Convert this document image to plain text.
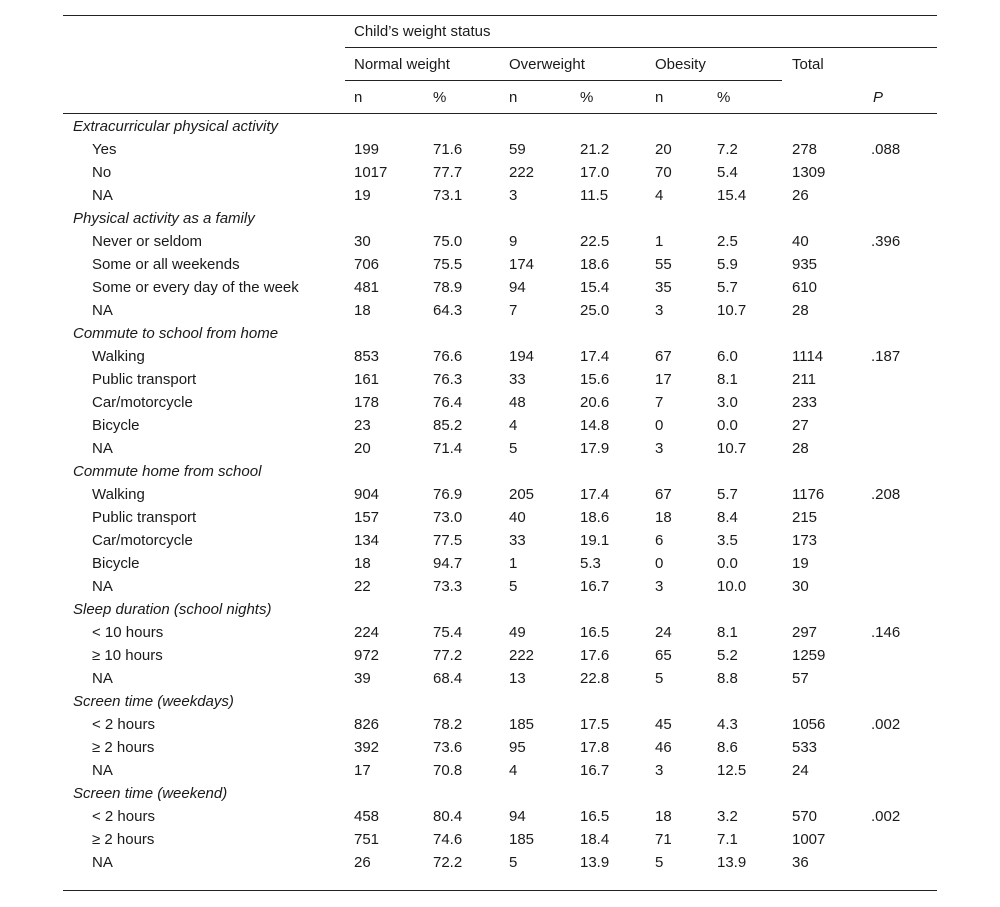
Child’s weight status
Normal weight	Overweight	Obesity	Total
n	%	n	%	n	%	P
Extracurricular physical activity
Yes	199	71.6	59	21.2	20	7.2	278	.088
No	1017	77.7	222	17.0	70	5.4	1309
NA	19	73.1	3	11.5	4	15.4	26
Physical activity as a family
Never or seldom	30	75.0	9	22.5	1	2.5	40	.396
Some or all weekends	706	75.5	174	18.6	55	5.9	935
Some or every day of the week	481	78.9	94	15.4	35	5.7	610
NA	18	64.3	7	25.0	3	10.7	28
Commute to school from home
Walking	853	76.6	194	17.4	67	6.0	1114	.187
Public transport	161	76.3	33	15.6	17	8.1	211
Car/motorcycle	178	76.4	48	20.6	7	3.0	233
Bicycle	23	85.2	4	14.8	0	0.0	27
NA	20	71.4	5	17.9	3	10.7	28
Commute home from school
Walking	904	76.9	205	17.4	67	5.7	1176	.208
Public transport	157	73.0	40	18.6	18	8.4	215
Car/motorcycle	134	77.5	33	19.1	6	3.5	173
Bicycle	18	94.7	1	5.3	0	0.0	19
NA	22	73.3	5	16.7	3	10.0	30
Sleep duration (school nights)
< 10 hours	224	75.4	49	16.5	24	8.1	297	.146
≥ 10 hours	972	77.2	222	17.6	65	5.2	1259
NA	39	68.4	13	22.8	5	8.8	57
Screen time (weekdays)
< 2 hours	826	78.2	185	17.5	45	4.3	1056	.002
≥ 2 hours	392	73.6	95	17.8	46	8.6	533
NA	17	70.8	4	16.7	3	12.5	24
Screen time (weekend)
< 2 hours	458	80.4	94	16.5	18	3.2	570	.002
≥ 2 hours	751	74.6	185	18.4	71	7.1	1007
NA	26	72.2	5	13.9	5	13.9	36
